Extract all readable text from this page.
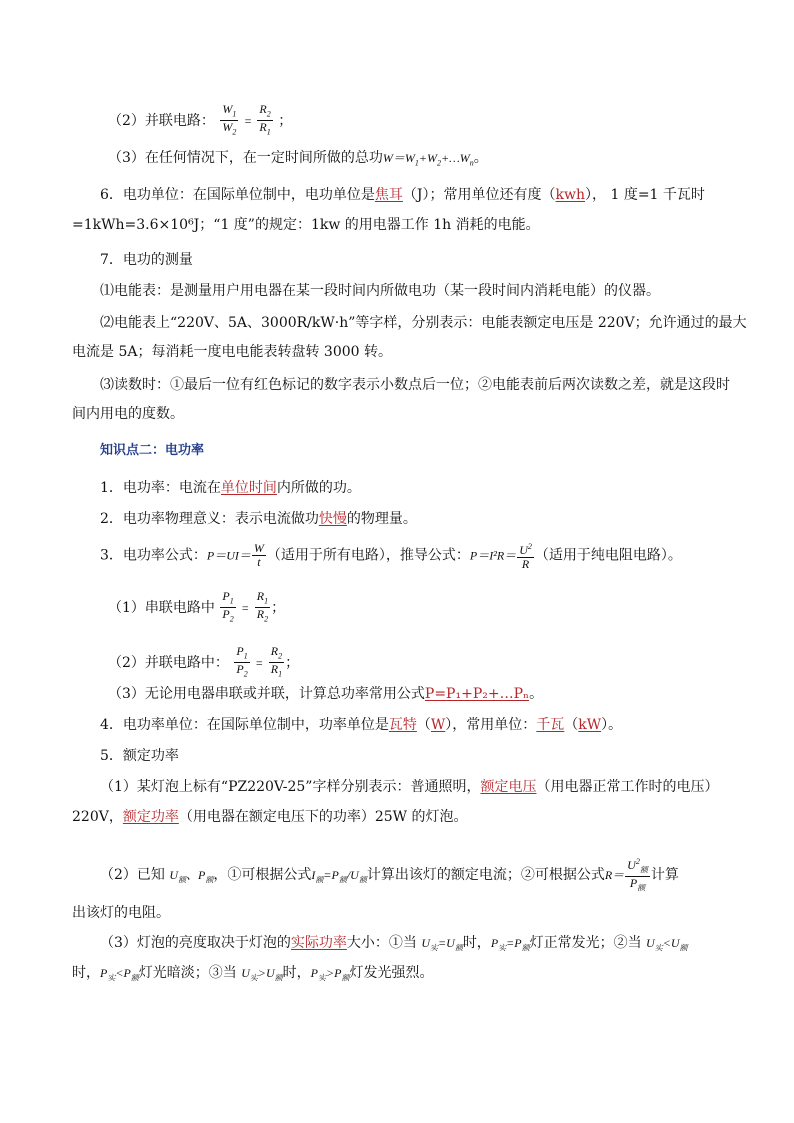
（2）并联电路： $\frac{W_1}{W_2} = \frac{R_2}{R_1}$ ；
（3）在任何情况下，在一定时间所做的总功$W=W_1+W_2+\dots W_n$。
6．电功单位：在国际单位制中，电功单位是焦耳（J）；常用单位还有度（kwh）， 1 度=1 千瓦时
=1kWh=3.6×10⁶J；“1 度”的规定：1kw 的用电器工作 1h 消耗的电能。
7．电功的测量
⑴电能表：是测量用户用电器在某一段时间内所做电功（某一段时间内消耗电能）的仪器。
⑵电能表上“220V、5A、3000R/kW·h”等字样，分别表示：电能表额定电压是 220V；允许通过的最大
电流是 5A；每消耗一度电电能表转盘转 3000 转。
⑶读数时：①最后一位有红色标记的数字表示小数点后一位；②电能表前后两次读数之差，就是这段时
间内用电的度数。
知识点二：电功率
1．电功率：电流在单位时间内所做的功。
2．电功率物理意义：表示电流做功快慢的物理量。
3．电功率公式：$P=UI= \frac{W}{t}$ （适用于所有电路），推导公式：$P=I^2R= \frac{U^2}{R}$ （适用于纯电阻电路）。
（1）串联电路中 $\frac{P_1}{P_2} = \frac{R_1}{R_2}$ ；
（2）并联电路中： $\frac{P_1}{P_2} = \frac{R_2}{R_1}$ ；
（3）无论用电器串联或并联，计算总功率常用公式P=P₁+P₂+…Pₙ。
4．电功率单位：在国际单位制中，功率单位是瓦特（W），常用单位：千瓦（kW）。
5．额定功率
（1）某灯泡上标有“PZ220V-25”字样分别表示：普通照明，额定电压（用电器正常工作时的电压）
220V，额定功率（用电器在额定电压下的功率）25W 的灯泡。
（2）已知 $U_额$、$P_额$，①可根据公式$I_额=P_额/U_额$计算出该灯的额定电流；②可根据公式$R= \frac{U^2_额}{P_额}$ 计算
出该灯的电阻。
（3）灯泡的亮度取决于灯泡的实际功率大小：①当 $U_实=U_额$时，$P_实=P_额$灯正常发光；②当 $U_实<U_额$
时，$P_实<P_额$灯光暗淡；③当 $U_实>U_额$时，$P_实>P_额$灯发光强烈。
